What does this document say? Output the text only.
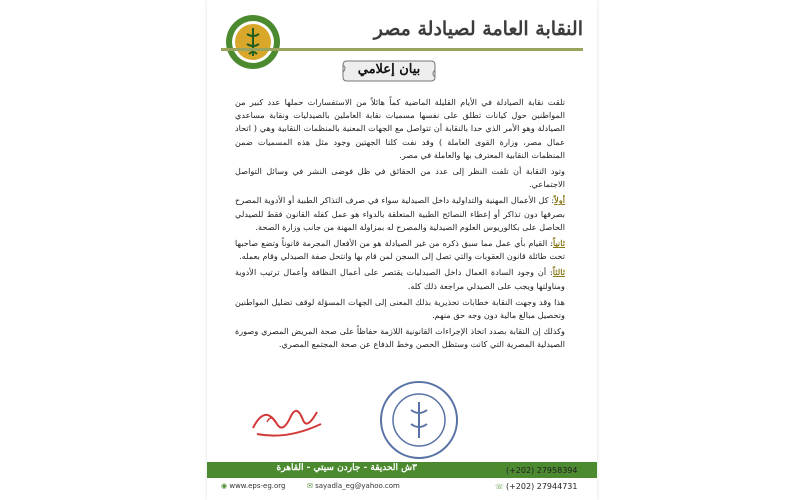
النقابة العامة لصيادلة مصر
بيان إعلامي

تلقت نقابة الصيادلة في الأيام القليلة الماضية كماً هائلاً من الاستفسارات حملها عدد كبير من المواطنين حول كيانات تطلق على نفسها مسميات نقابة العاملين بالصيدليات ونقابة مساعدي الصيادلة وهو الأمر الذي حدا بالنقابة أن تتواصل مع الجهات المعنية بالمنظمات النقابية وهي ( اتحاد عمال مصر، وزارة القوى العاملة ) وقد نفت كلتا الجهتين وجود مثل هذه المسميات ضمن المنظمات النقابية المعترف بها والعاملة في مصر.

وتود النقابة أن تلفت النظر إلى عدد من الحقائق في ظل فوضى النشر في وسائل التواصل الاجتماعي.

أولاً: كل الأعمال المهنية والتداولية داخل الصيدلية سواء في صرف التذاكر الطبية أو الأدوية المصرح بصرفها دون تذاكر أو إعطاء النصائح الطبية المتعلقة بالدواء هو عمل كفله القانون فقط للصيدلي الحاصل على بكالوريوس العلوم الصيدلية والمصرح له بمزاولة المهنة من جانب وزارة الصحة.

ثانياً: القيام بأي عمل مما سبق ذكره من غير الصيادلة هو من الأفعال المجرمة قانوناً وتضع صاحبها تحت طائلة قانون العقوبات والتي تصل إلى السجن لمن قام بها وانتحل صفة الصيدلي وقام بعمله.

ثالثاً: أن وجود السادة العمال داخل الصيدليات يقتصر على أعمال النظافة وأعمال ترتيب الأدوية ومناولتها ويجب على الصيدلي مراجعة ذلك كله.

هذا وقد وجهت النقابة خطابات تحذيرية بذلك المعنى إلى الجهات المسؤلة لوقف تضليل المواطنين وتحصيل مبالغ مالية دون وجه حق منهم.

وكذلك إن النقابة بصدد اتخاذ الإجراءات القانونية اللازمة حفاظاً على صحة المريض المصري وصورة الصيدلية المصرية التي كانت وستظل الحصن وخط الدفاع عن صحة المجتمع المصري.

٣ش الحديقة - جاردن سيتي - القاهرة
◉ www.eps-eg.org	✉ sayadla_eg@yahoo.com
☏ (+202) 27958394
☏ (+202) 27944731
